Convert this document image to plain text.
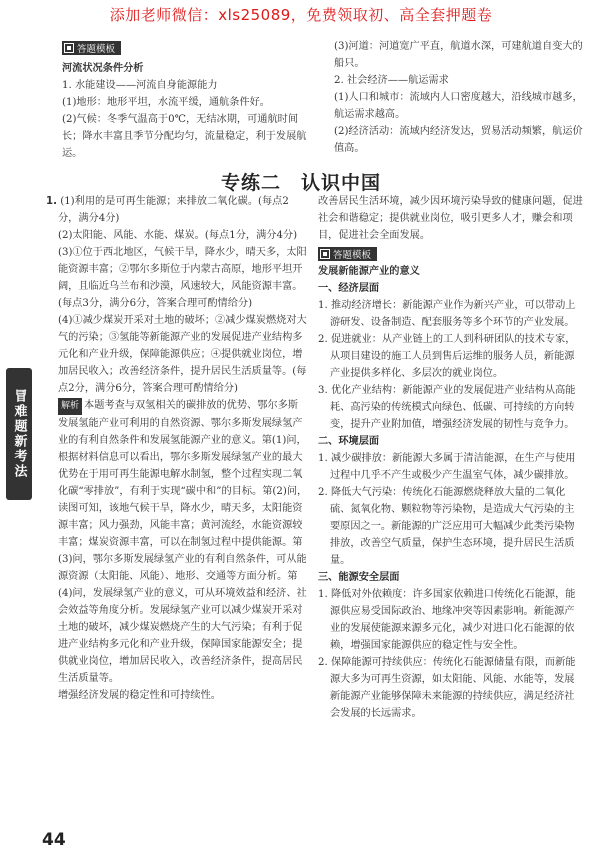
添加老师微信：xls25089，免费领取初、高全套押题卷
答题模板
河流状况条件分析
1. 水能建设——河流自身能源能力
(1)地形：地形平坦，水流平缓，通航条件好。
(2)气候：冬季气温高于0℃，无结冰期，可通航时间长；降水丰富且季节分配均匀，流量稳定，利于发展航运。
(3)河道：河道宽广平直，航道水深，可建航道自变大的船只。
2. 社会经济——航运需求
(1)人口和城市：流域内人口密度越大，沿线城市越多，航运需求越高。
(2)经济活动：流域内经济发达，贸易活动频繁，航运价值高。
专练二　认识中国
1. (1)利用的是可再生能源；来排放二氧化碳。(每点2分，满分4分)
(2)太阳能、风能、水能、煤炭。(每点1分，满分4分)
(3)①位于西北地区，气候干旱，降水少，晴天多，太阳能资源丰富；②鄂尔多斯位于内蒙古高原，地形平坦开阔，且临近乌兰布和沙漠，风速较大，风能资源丰富。(每点3分，满分6分，答案合理可酌情给分)
(4)①减少煤炭开采对土地的破坏；②减少煤炭燃烧对大气的污染；③氢能等新能源产业的发展促进产业结构多元化和产业升级，保障能源供应；④提供就业岗位，增加居民收入；改善经济条件，提升居民生活质量等。(每点2分，满分6分，答案合理可酌情给分)
解析 本题考查与双氢相关的碳排放的优势、鄂尔多斯发展氢能产业可利用的自然资源、鄂尔多斯发展绿氢产业的有利自然条件和发展氢能源产业的意义。第(1)问，根据材料信息可以看出，鄂尔多斯发展绿氢产业的最大优势在于用可再生能源电解水制氢，整个过程实现二氧化碳“零排放”，有利于实现“碳中和”的目标。第(2)问，读图可知，该地气候干旱，降水少，晴天多，太阳能资源丰富；风力强劲，风能丰富；黄河流经，水能资源较丰富；煤炭资源丰富，可以在制氢过程中提供能源。第(3)问，鄂尔多斯发展绿氢产业的有利自然条件，可从能源资源（太阳能、风能）、地形、交通等方面分析。第(4)问，发展绿氢产业的意义，可从环境效益和经济、社会效益等角度分析。发展绿氢产业可以减少煤炭开采对土地的破坏，减少煤炭燃烧产生的大气污染；有利于促进产业结构多元化和产业升级，保障国家能源安全；提供就业岗位，增加居民收入，改善经济条件，提高居民生活质量等。
增强经济发展的稳定性和可持续性。
改善居民生活环境，减少因环境污染导致的健康问题，促进社会和谐稳定；提供就业岗位，吸引更多人才，赚会和项目，促进社会全面发展。
答题模板
发展新能源产业的意义
一、经济层面
1. 推动经济增长：新能源产业作为新兴产业，可以带动上游研发、设备制造、配套服务等多个环节的产业发展。
2. 促进就业：从产业链上的工人到科研团队的技术专家，从项目建设的施工人员到售后运维的服务人员，新能源产业提供多样化、多层次的就业岗位。
3. 优化产业结构：新能源产业的发展促进产业结构从高能耗、高污染的传统模式向绿色、低碳、可持续的方向转变，提升产业附加值，增强经济发展的韧性与竞争力。
二、环境层面
1. 减少碳排放：新能源大多属于清洁能源，在生产与使用过程中几乎不产生或极少产生温室气体，减少碳排放。
2. 降低大气污染：传统化石能源燃烧释放大量的二氧化硫、氮氧化物、颗粒物等污染物，是造成大气污染的主要原因之一。新能源的广泛应用可大幅减少此类污染物排放，改善空气质量，保护生态环境，提升居民生活质量。
三、能源安全层面
1. 降低对外依赖度：许多国家依赖进口传统化石能源，能源供应易受国际政治、地缘冲突等因素影响。新能源产业的发展使能源来源多元化，减少对进口化石能源的依赖，增强国家能源供应的稳定性与安全性。
2. 保障能源可持续供应：传统化石能源储量有限，而新能源大多为可再生资源，如太阳能、风能、水能等，发展新能源产业能够保障未来能源的持续供应，满足经济社会发展的长远需求。
冒难题新考法
44
